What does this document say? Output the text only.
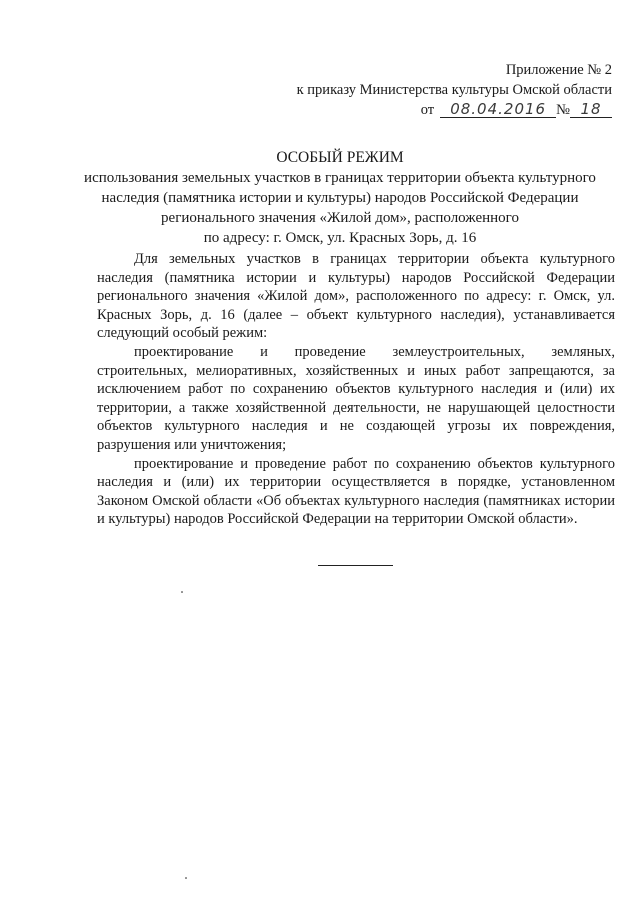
Приложение № 2
к приказу Министерства культуры Омской области
от	08.04.2016 № 18
ОСОБЫЙ РЕЖИМ
использования земельных участков в границах территории объекта культурного
наследия (памятника истории и культуры) народов Российской Федерации
регионального значения «Жилой дом», расположенного
по адресу: г. Омск, ул. Красных Зорь, д. 16

Для земельных участков в границах территории объекта культурного наследия (памятника истории и культуры) народов Российской Федерации регионального значения «Жилой дом», расположенного по адресу: г. Омск, ул. Красных Зорь, д. 16 (далее – объект культурного наследия), устанавливается следующий особый режим:

проектирование и проведение землеустроительных, земляных, строительных, мелиоративных, хозяйственных и иных работ запрещаются, за исключением работ по сохранению объектов культурного наследия и (или) их территории, а также хозяйственной деятельности, не нарушающей целостности объектов культурного наследия и не создающей угрозы их повреждения, разрушения или уничтожения;

проектирование и проведение работ по сохранению объектов культурного наследия и (или) их территории осуществляется в порядке, установленном Законом Омской области «Об объектах культурного наследия (памятниках истории и культуры) народов Российской Федерации на территории Омской области».
